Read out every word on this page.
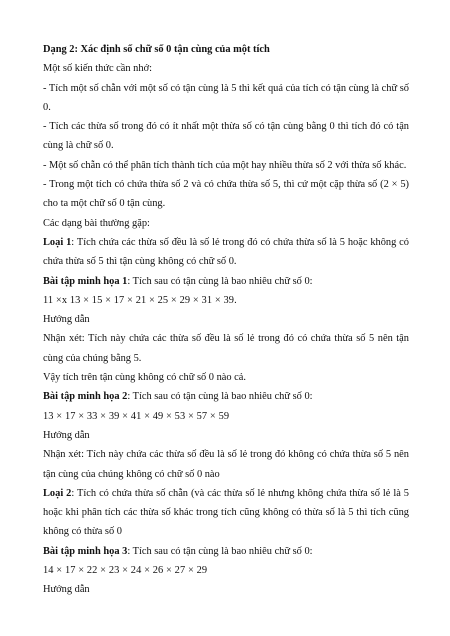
Dạng 2: Xác định số chữ số 0 tận cùng của một tích
Một số kiến thức cần nhớ:
- Tích một số chẵn với một số có tận cùng là 5 thì kết quả của tích có tận cùng là chữ số 0.
- Tích các thừa số trong đó có ít nhất một thừa số có tận cùng bằng 0 thì tích đó có tận cùng là chữ số 0.
- Một số chẵn có thể phân tích thành tích của một hay nhiều thừa số 2 với thừa số khác.
- Trong một tích có chứa thừa số 2 và có chứa thừa số 5, thì cứ một cặp thừa số (2 × 5) cho ta một chữ số 0 tận cùng.
Các dạng bài thường gặp:
Loại 1: Tích chứa các thừa số đều là số lẻ trong đó có chứa thừa số là 5 hoặc không có chứa thừa số 5 thì tận cùng không có chữ số 0.
Bài tập minh họa 1: Tích sau có tận cùng là bao nhiêu chữ số 0:
11 ×x 13 × 15 × 17 × 21 × 25 × 29 × 31 × 39.
Hướng dẫn
Nhận xét: Tích này chứa các thừa số đều là số lẻ trong đó có chứa thừa số 5 nên tận cùng của chúng bằng 5.
Vậy tích trên tận cùng không có chữ số 0 nào cả.
Bài tập minh họa 2: Tích sau có tận cùng là bao nhiêu chữ số 0:
13 × 17 × 33 × 39 × 41 × 49 × 53 × 57 × 59
Hướng dẫn
Nhận xét: Tích này chứa các thừa số đều là số lẻ trong đó không có chứa thừa số 5 nên tận cùng của chúng không có chữ số 0 nào
Loại 2: Tích có chứa thừa số chẵn (và các thừa số lẻ nhưng không chứa thừa số lẻ là 5 hoặc khi phân tích các thừa số khác trong tích cũng không có thừa số là 5 thì tích cũng không có thừa số 0
Bài tập minh họa 3: Tích sau có tận cùng là bao nhiêu chữ số 0:
14 × 17 × 22 × 23 × 24 × 26 × 27 × 29
Hướng dẫn
